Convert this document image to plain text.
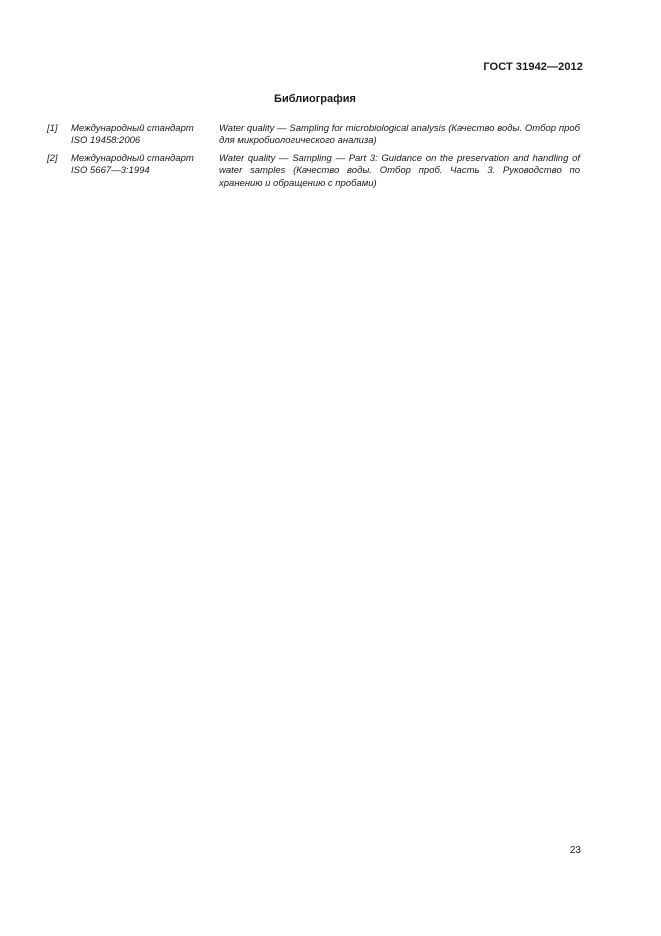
ГОСТ 31942—2012
Библиография
[1]	Международный стандарт
ISO 19458:2006
Water quality — Sampling for microbiological analysis (Качество воды. Отбор проб для микробиологического анализа)
[2]	Международный стандарт
ISO 5667—3:1994
Water quality — Sampling — Part 3: Guidance on the preservation and handling of water samples (Качество воды. Отбор проб. Часть 3. Руководство по хранению и обращению с пробами)
23
